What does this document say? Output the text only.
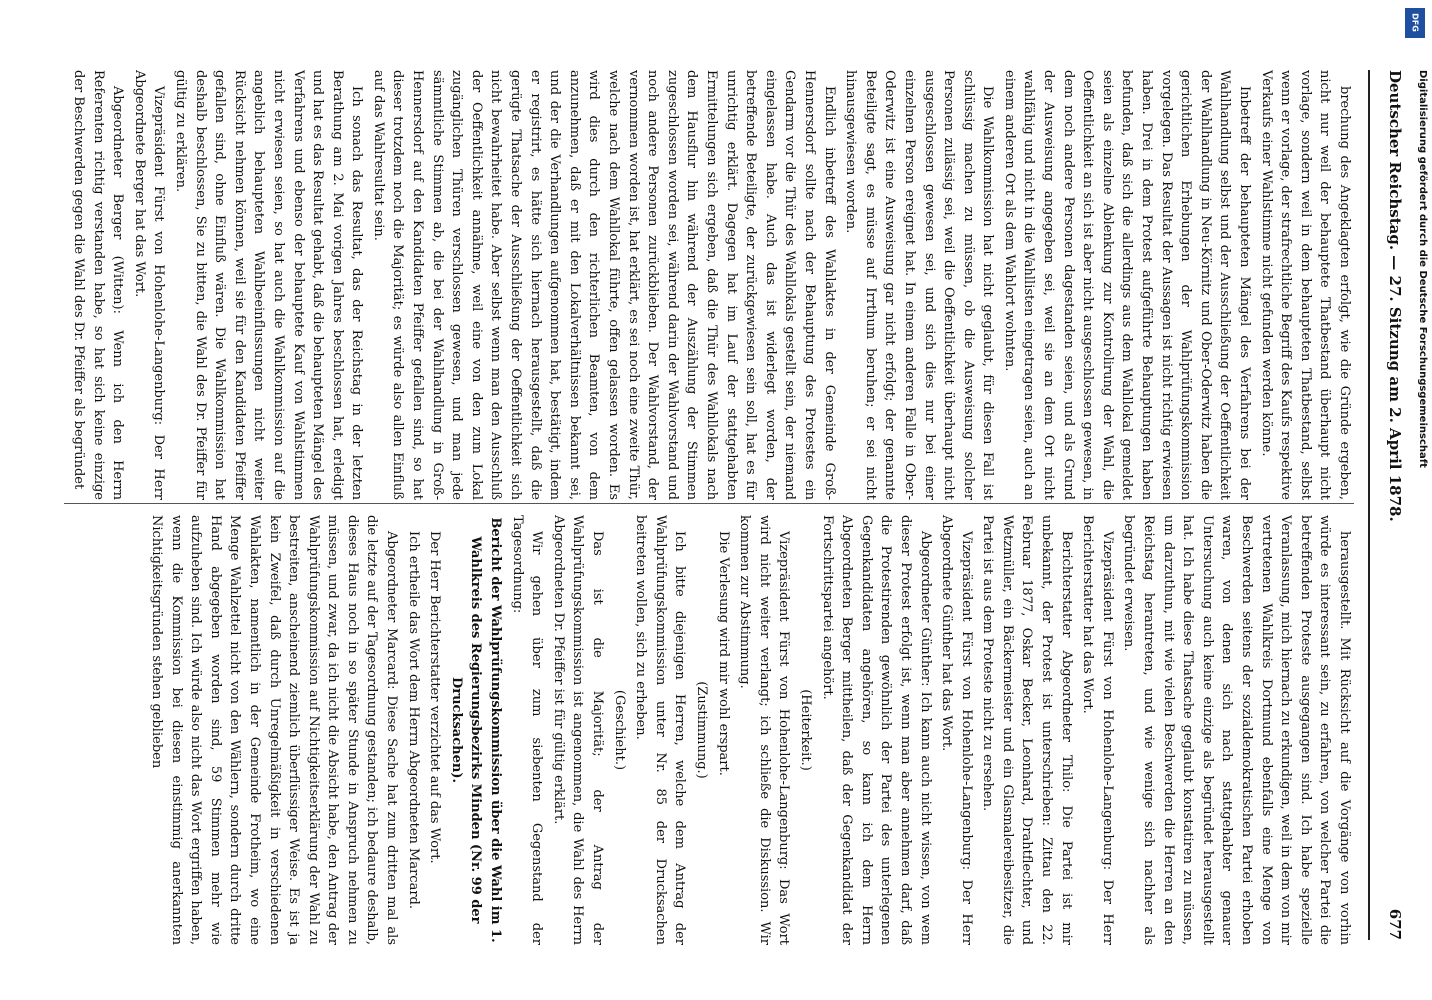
Deutscher Reichstag. — 27. Sitzung am 2. April 1878.
677

brechung des Angeklagten erfolgt, wie die Gründe ergeben, nicht nur weil der behauptete Thatbestand überhaupt nicht vorlage, sondern weil in dem behaupteten Thatbestand, selbst wenn er vorlage, der strafrechtliche Begriff des Kaufs respektive Verkaufs einer Wahlstimme nicht gefunden werden könne.

Inbetreff der behaupteten Mängel des Verfahrens bei der Wahlhandlung selbst und der Ausschließung der Oeffentlichkeit der Wahlhandlung in Neu-Körnitz und Ober-Oderwitz haben die gerichtlichen Erhebungen der Wahlprüfungskommission vorgelegen. Das Resultat der Aussagen ist nicht richtig erwiesen haben. Drei in dem Protest aufgeführte Behauptungen haben befunden, daß sich die allerdings aus dem Wahllokal gemeldet seien als einzelne Ablenkung zur Kontrolirung der Wahl, die Oeffentlichkeit an sich ist aber nicht ausgeschlossen gewesen, in dem noch andere Personen dagestanden seien, und als Grund der Ausweisung angegeben sei, weil sie an dem Ort nicht wahlfähig und nicht in die Wahllisten eingetragen seien, auch an einem anderen Ort als dem Wahlort wohnten.

Die Wahlkommission hat nicht geglaubt, für diesen Fall ist schlüssig machen zu müssen, ob die Ausweisung solcher Personen zulässig sei, weil die Oeffentlichkeit überhaupt nicht ausgeschlossen gewesen sei, und sich dies nur bei einer einzelnen Person ereignet hat. In einem anderen Falle in Ober-Oderwitz ist eine Ausweisung gar nicht erfolgt; der genannte Beteiligte sagt, es müsse auf Irrthum beruhen; er sei nicht hinausgewiesen worden.

Endlich inbetreff des Wahlaktes in der Gemeinde Groß-Hennersdorf sollte nach der Behauptung des Protestes ein Gendarm vor die Thür des Wahllokals gestellt sein, der niemand eingelassen habe. Auch das ist widerlegt worden, der betreffende Beteiligte, der zurückgewiesen sein soll, hat es für unrichtig erklärt. Dagegen hat im Lauf der stattgehabten Ermittelungen sich ergeben, daß die Thür des Wahllokals nach dem Hausflur hin während der Auszählung der Stimmen zugeschlossen worden sei, während darin der Wahlvorstand und noch andere Personen zurückblieben. Der Wahlvorstand, der vernommen worden ist, hat erklärt, es sei noch eine zweite Thür, welche nach dem Wahllokal führte, offen gelassen worden. Es wird dies durch den richterlichen Beamten, von dem anzunehmen, daß er mit den Lokalverhältnissen bekannt sei, und der die Verhandlungen aufgenommen hat, bestätigt, indem er registrirt, es hätte sich hiernach herausgestellt, daß die gerügte Thatsache der Ausschließung der Oeffentlichkeit sich nicht bewahrheitet habe. Aber selbst wenn man den Ausschluß der Oeffentlichkeit annähme, weil eine von den zum Lokal zugänglichen Thüren verschlossen gewesen, und man jede sämmtliche Stimmen ab, die bei der Wahlhandlung in Groß-Hennersdorf auf den Kandidaten Pfeiffer gefallen sind, so hat dieser trotzdem noch die Majorität; es würde also allen Einfluß auf das Wahlresultat sein.

Ich sonach das Resultat, das der Reichstag in der letzten Berathung am 2. Mai vorigen Jahres beschlossen hat, erledigt und hat es das Resultat gehabt, daß die behaupteten Mängel des Verfahrens und ebenso der behauptete Kauf von Wahlstimmen nicht erwiesen seien, so hat auch die Wahlkommission auf die angeblich behaupteten Wahlbeeinflussungen nicht weiter Rücksicht nehmen können, weil sie für den Kandidaten Pfeiffer gefallen sind, ohne Einfluß wären. Die Wahlkommission hat deshalb beschlossen, Sie zu bitten, die Wahl des Dr. Pfeiffer für gültig zu erklären.

Vizepräsident Fürst von Hohenlohe-Langenburg: Der Herr Abgeordnete Berger hat das Wort.

Abgeordneter Berger (Witten): Wenn ich den Herrn Referenten richtig verstanden habe, so hat sich keine einzige der Beschwerden gegen die Wahl des Dr. Pfeiffer als begründet

herausgestellt. Mit Rücksicht auf die Vorgänge von vorhin würde es interessant sein, zu erfahren, von welcher Partei die betreffenden Proteste ausgegangen sind. Ich habe spezielle Veranlassung, mich hiernach zu erkundigen, weil in dem von mir vertretenen Wahlkreis Dortmund ebenfalls eine Menge von Beschwerden seitens der sozialdemokratischen Partei erhoben waren, von denen sich nach stattgehabter genauer Untersuchung auch keine einzige als begründet herausgestellt hat. Ich habe diese Thatsache geglaubt konstatiren zu müssen, um darzuthun, mit wie vielen Beschwerden die Herren an den Reichstag herantreten, und wie wenige sich nachher als begründet erweisen.

Vizepräsident Fürst von Hohenlohe-Langenburg: Der Herr Berichterstatter hat das Wort.

Berichterstatter Abgeordneter Thilo: Die Partei ist mir unbekannt, der Protest ist unterschrieben: Zittau den 22. Februar 1877, Oskar Becker, Leonhard, Drahtflechter, und Wetzmüller, ein Bäckermeister und ein Glasmalereibesitzer, die Partei ist aus dem Proteste nicht zu ersehen.

Vizepräsident Fürst von Hohenlohe-Langenburg: Der Herr Abgeordnete Günther hat das Wort.

Abgeordneter Günther: Ich kann auch nicht wissen, von wem dieser Protest erfolgt ist, wenn man aber annehmen darf, daß die Protestirenden gewöhnlich der Partei des unterlegenen Gegenkandidaten angehören, so kann ich dem Herrn Abgeordneten Berger mittheilen, daß der Gegenkandidat der Fortschrittspartei angehört.

(Heiterkeit.)

Vizepräsident Fürst von Hohenlohe-Langenburg: Das Wort wird nicht weiter verlangt; ich schließe die Diskussion. Wir kommen zur Abstimmung.

Die Verlesung wird mir wohl erspart.

(Zustimmung.)

Ich bitte diejenigen Herren, welche dem Antrag der Wahlprüfungskommission unter Nr. 85 der Drucksachen beitreten wollen, sich zu erheben.

(Geschieht.)

Das ist die Majorität; der Antrag der Wahlprüfungskommission ist angenommen, die Wahl des Herrn Abgeordneten Dr. Pfeiffer ist für gültig erklärt.

Wir gehen über zum siebenten Gegenstand der Tagesordnung:

Bericht der Wahlprüfungskommission über die Wahl im 1. Wahlkreis des Regierungsbezirks Minden (Nr. 99 der Drucksachen).

Der Herr Berichterstatter verzichtet auf das Wort.

Ich ertheile das Wort dem Herrn Abgeordneten Marcard.

Abgeordneter Marcard: Diese Sache hat zum dritten mal als die letzte auf der Tagesordnung gestanden; ich bedaure deshalb, dieses Haus noch in so später Stunde in Anspruch nehmen zu müssen, und zwar, da ich nicht die Absicht habe, den Antrag der Wahlprüfungskommission auf Nichtigkeitserklärung der Wahl zu bestreiten, anscheinend ziemlich überflüssiger Weise. Es ist ja kein Zweifel, daß durch Unregelmäßigkeit in verschiedenen Wahlakten, namentlich in der Gemeinde Frotheim, wo eine Menge Wahlzettel nicht von den Wählern, sondern durch dritte Hand abgegeben worden sind, 59 Stimmen mehr wie aufzuheben sind. Ich würde also nicht das Wort ergriffen haben, wenn die Kommission bei diesen einstimmig anerkannten Nichtigkeitsgründen stehen geblieben

Digitalisierung gefördert durch die Deutsche Forschungsgemeinschaft
DFG
